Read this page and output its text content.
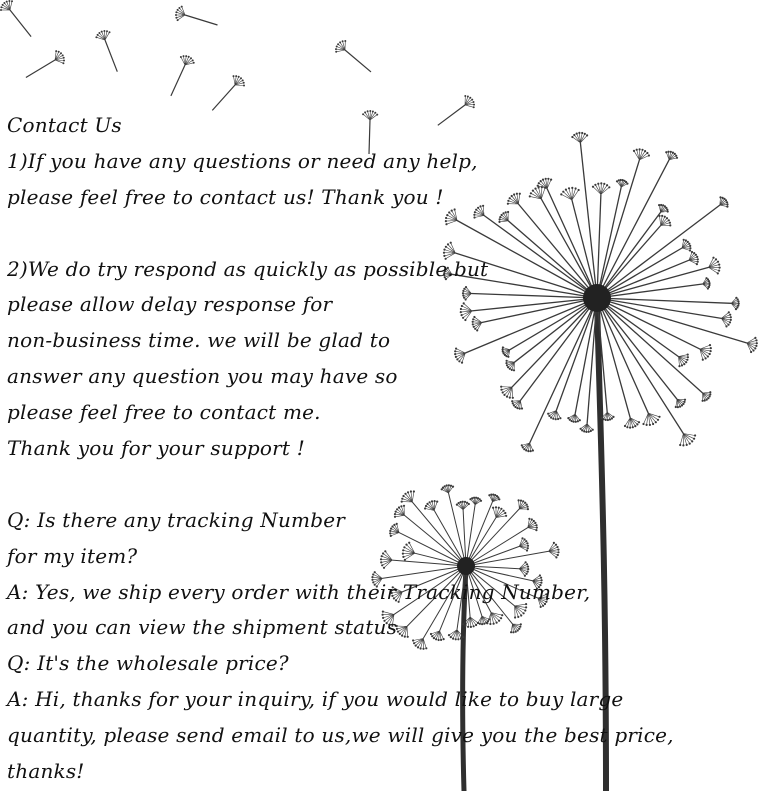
Contact Us
1)If you have any questions or need any help,
please feel free to contact us! Thank you !
2)We do try respond as quickly as possible.but
please allow delay response for
non-business time. we will be glad to
answer any question you may have so
please feel free to contact me.
Thank you for your support !
Q: Is there any tracking Number
for my item?
A: Yes, we ship every order with their Tracking Number,
and you can view the shipment status
Q: It's the wholesale price?
A: Hi, thanks for your inquiry, if you would like to buy large
quantity, please send email to us,we will give you the best price,
thanks!
